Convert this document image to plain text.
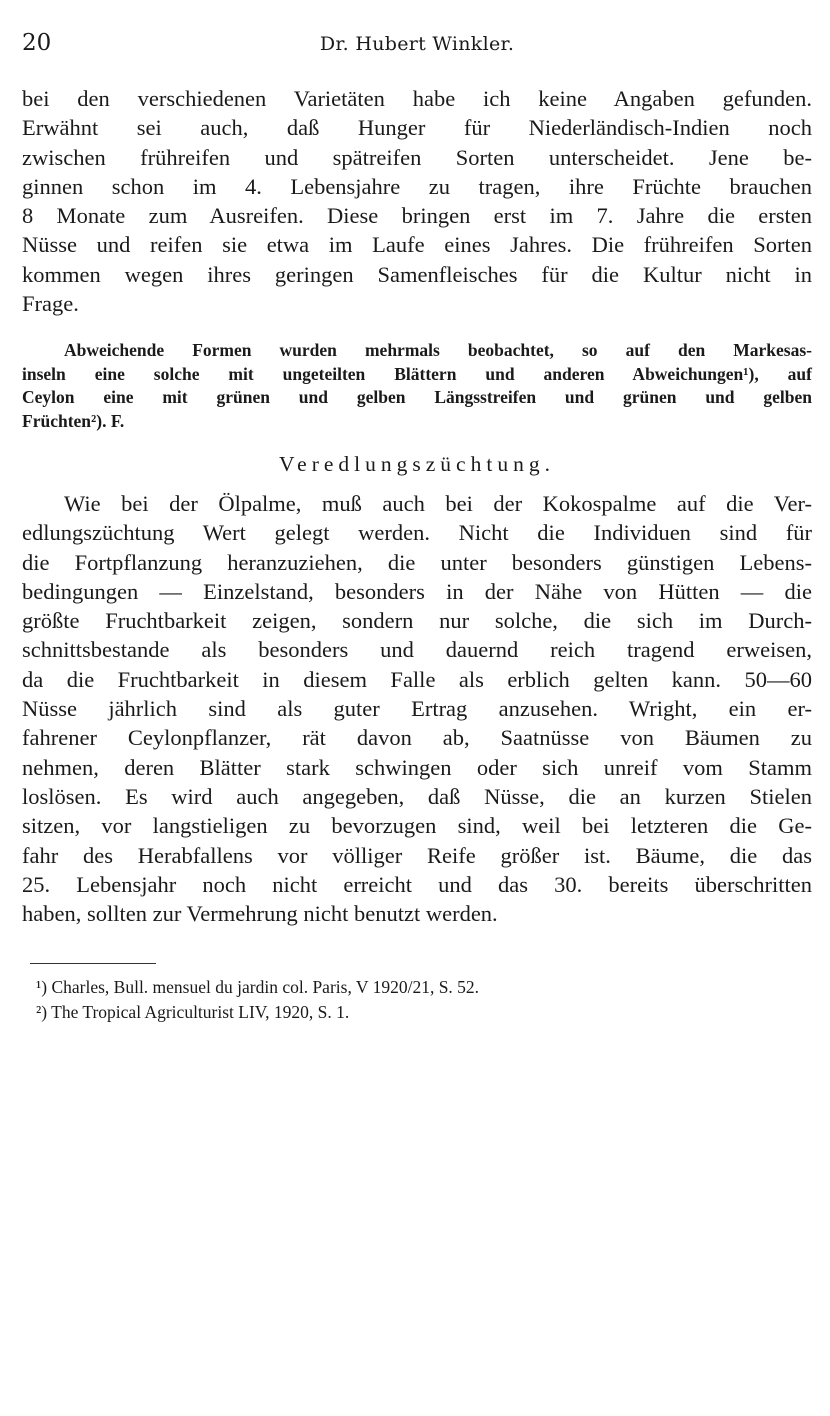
20	Dr. Hubert Winkler.
bei den verschiedenen Varietäten habe ich keine Angaben gefunden.
Erwähnt sei auch, daß Hunger für Niederländisch-Indien noch
zwischen frühreifen und spätreifen Sorten unterscheidet. Jene be-
ginnen schon im 4. Lebensjahre zu tragen, ihre Früchte brauchen
8 Monate zum Ausreifen. Diese bringen erst im 7. Jahre die ersten
Nüsse und reifen sie etwa im Laufe eines Jahres. Die frühreifen Sorten
kommen wegen ihres geringen Samenfleisches für die Kultur nicht in
Frage.
Abweichende Formen wurden mehrmals beobachtet, so auf den Markesas-
inseln eine solche mit ungeteilten Blättern und anderen Abweichungen¹), auf
Ceylon eine mit grünen und gelben Längsstreifen und grünen und gelben
Früchten²). F.
Veredlungszüchtung.
Wie bei der Ölpalme, muß auch bei der Kokospalme auf die Ver-
edlungszüchtung Wert gelegt werden. Nicht die Individuen sind für
die Fortpflanzung heranzuziehen, die unter besonders günstigen Lebens-
bedingungen — Einzelstand, besonders in der Nähe von Hütten — die
größte Fruchtbarkeit zeigen, sondern nur solche, die sich im Durch-
schnittsbestande als besonders und dauernd reich tragend erweisen,
da die Fruchtbarkeit in diesem Falle als erblich gelten kann. 50—60
Nüsse jährlich sind als guter Ertrag anzusehen. Wright, ein er-
fahrener Ceylonpflanzer, rät davon ab, Saatnüsse von Bäumen zu
nehmen, deren Blätter stark schwingen oder sich unreif vom Stamm
loslösen. Es wird auch angegeben, daß Nüsse, die an kurzen Stielen
sitzen, vor langstieligen zu bevorzugen sind, weil bei letzteren die Ge-
fahr des Herabfallens vor völliger Reife größer ist. Bäume, die das
25. Lebensjahr noch nicht erreicht und das 30. bereits überschritten
haben, sollten zur Vermehrung nicht benutzt werden.
¹) Charles, Bull. mensuel du jardin col. Paris, V 1920/21, S. 52.
²) The Tropical Agriculturist LIV, 1920, S. 1.
